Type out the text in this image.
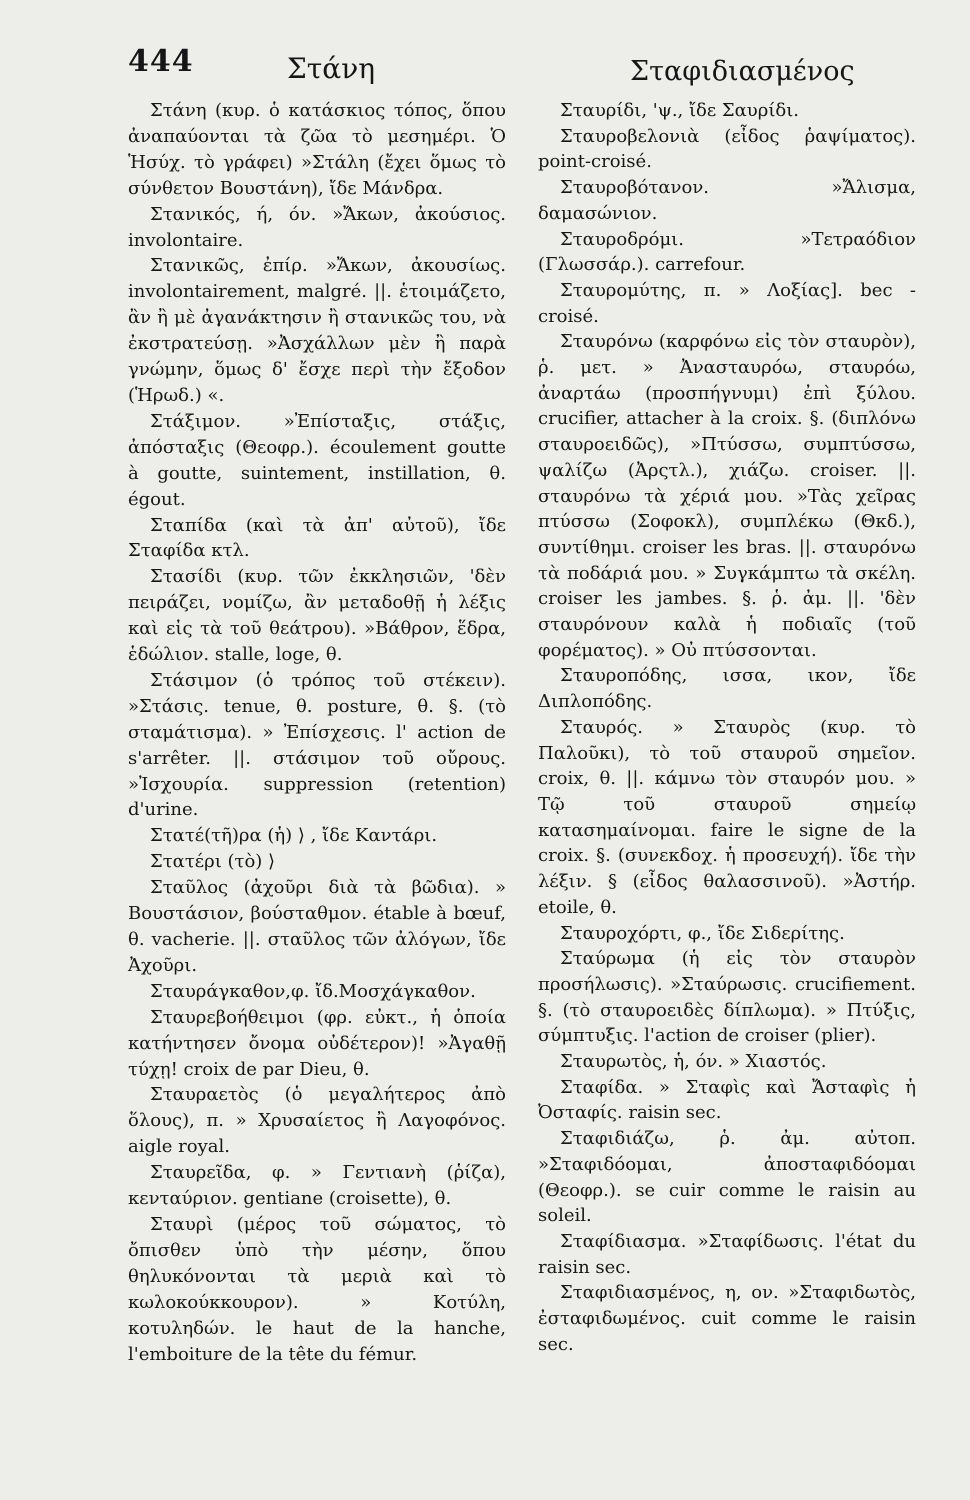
444	Στάνη	Σταφιδιασμένος

Στάνη (κυρ. ὁ κατάσκιος τόπος, ὅπου ἀναπαύονται τὰ ζῶα τὸ μεσημέρι. Ὁ Ἡσύχ. τὸ γράφει) »Στάλη (ἔχει ὅμως τὸ σύνθετον Βουστάνη), ἴδε Μάνδρα.

Στανικός, ή, όν. »Ἄκων, ἀκούσιος. involontaire.

Στανικῶς, ἐπίρ. »Ἄκων, ἀκουσίως. involontairement, malgré. ||. ἑτοιμάζετο, ἂν ἢ μὲ ἀγανάκτησιν ἢ στανικῶς του, νὰ ἐκστρατεύσῃ. »Ἀσχάλλων μὲν ἢ παρὰ γνώμην, ὅμως δ' ἔσχε περὶ τὴν ἔξοδον (Ἡρωδ.) «.

Στάξιμον. »Ἐπίσταξις, στάξις, ἀπόσταξις (Θεοφρ.). écoulement goutte à goutte, suintement, instillation, θ. égout.

Σταπίδα (καὶ τὰ ἀπ' αὐτοῦ), ἴδε Σταφίδα κτλ.

Στασίδι (κυρ. τῶν ἐκκλησιῶν, 'δὲν πειράζει, νομίζω, ἂν μεταδοθῇ ἡ λέξις καὶ εἰς τὰ τοῦ θεάτρου). »Βάθρον, ἕδρα, ἑδώλιον. stalle, loge, θ.

Στάσιμον (ὁ τρόπος τοῦ στέκειν). »Στάσις. tenue, θ. posture, θ. §. (τὸ σταμάτισμα). » Ἐπίσχεσις. l' action de s'arrêter. ||. στάσιμον τοῦ οὔρους. »Ἰσχουρία. suppression (retention) d'urine.

Στατέ(τῆ)ρα (ἡ) ⟩ , ἴδε Καντάρι.

Στατέρι (τὸ) ⟩

Σταῦλος (ἀχοῦρι διὰ τὰ βῶδια). » Βουστάσιον, βούσταθμον. étable à bœuf, θ. vacherie. ||. σταῦλος τῶν ἀλόγων, ἴδε Ἀχοῦρι.

Σταυράγκαθον,φ. ἴδ.Μοσχάγκαθον.

Σταυρεβοήθειμοι (φρ. εὐκτ., ἡ ὁποία κατήντησεν ὄνομα οὐδέτερον)! »Ἀγαθῇ τύχῃ! croix de par Dieu, θ.

Σταυραετὸς (ὁ μεγαλήτερος ἀπὸ ὅλους), π. » Χρυσαίετος ἢ Λαγοφόνος. aigle royal.

Σταυρεῖδα, φ. » Γεντιανὴ (ῥίζα), κενταύριον. gentiane (croisette), θ.

Σταυρὶ (μέρος τοῦ σώματος, τὸ ὄπισθεν ὑπὸ τὴν μέσην, ὅπου θηλυκόνονται τὰ μεριὰ καὶ τὸ κωλοκούκκουρον). » Κοτύλη, κοτυληδών. le haut de la hanche, l'emboiture de la tête du fémur.

Σταυρίδι, 'ψ., ἴδε Σαυρίδι.

Σταυροβελονιὰ (εἶδος ῥαψίματος). point-croisé.

Σταυροβότανον. »Ἄλισμα, δαμασώνιον.

Σταυροδρόμι. »Τετραόδιον (Γλωσσάρ.). carrefour.

Σταυρομύτης, π. » Λοξίας]. bec -croisé.

Σταυρόνω (καρφόνω εἰς τὸν σταυρὸν), ῥ. μετ. » Ἀνασταυρόω, σταυρόω, ἀναρτάω (προσπήγνυμι) ἐπὶ ξύλου. crucifier, attacher à la croix. §. (διπλόνω σταυροειδῶς), »Πτύσσω, συμπτύσσω, ψαλίζω (Ἀρςτλ.), χιάζω. croiser. ||. σταυρόνω τὰ χέριά μου. »Τὰς χεῖρας πτύσσω (Σοφοκλ), συμπλέκω (Θκδ.), συντίθημι. croiser les bras. ||. σταυρόνω τὰ ποδάριά μου. » Συγκάμπτω τὰ σκέλη. croiser les jambes. §. ῥ. ἀμ. ||. 'δὲν σταυρόνουν καλὰ ἡ ποδιαῖς (τοῦ φορέματος). » Οὐ πτύσσονται.

Σταυροπόδης, ισσα, ικον, ἴδε Διπλοπόδης.

Σταυρός. » Σταυρὸς (κυρ. τὸ Παλοῦκι), τὸ τοῦ σταυροῦ σημεῖον. croix, θ. ||. κάμνω τὸν σταυρόν μου. » Τῷ τοῦ σταυροῦ σημείῳ κατασημαίνομαι. faire le signe de la croix. §. (συνεκδοχ. ἡ προσευχή). ἴδε τὴν λέξιν. § (εἶδος θαλασσινοῦ). »Ἀστήρ. etoile, θ.

Σταυροχόρτι, φ., ἴδε Σιδερίτης.

Σταύρωμα (ἡ εἰς τὸν σταυρὸν προσήλωσις). »Σταύρωσις. crucifiement. §. (τὸ σταυροειδὲς δίπλωμα). » Πτύξις, σύμπτυξις. l'action de croiser (plier).

Σταυρωτὸς, ἡ, όν. » Χιαστός.

Σταφίδα. » Σταφὶς καὶ Ἄσταφὶς ἡ Ὀσταφίς. raisin sec.

Σταφιδιάζω, ῥ. ἀμ. αὐτοπ. »Σταφιδόομαι, ἀποσταφιδόομαι (Θεοφρ.). se cuir comme le raisin au soleil.

Σταφίδιασμα. »Σταφίδωσις. l'état du raisin sec.

Σταφιδιασμένος, η, ον. »Σταφιδωτὸς, ἐσταφιδωμένος. cuit comme le raisin sec.
